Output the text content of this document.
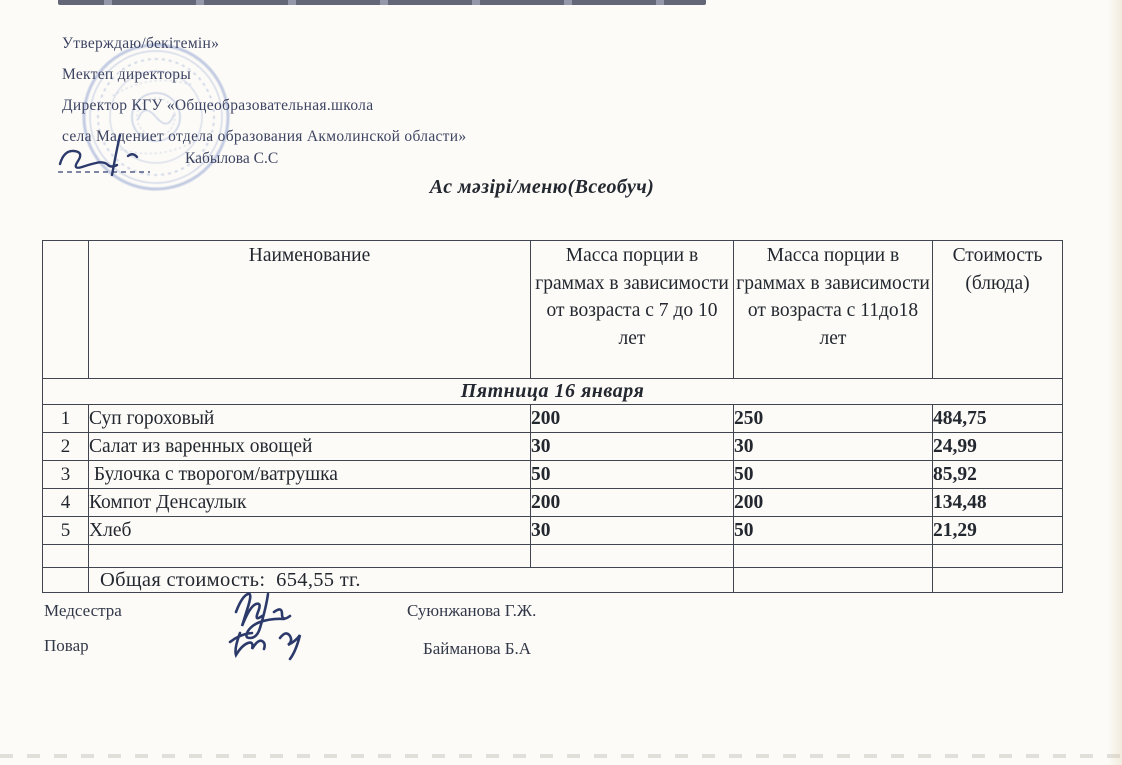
Утверждаю/бекітемін»
Мектеп директоры
Директор КГУ «Общеобразовательная.школа
села Мадениет отдела образования Акмолинской области»
Кабылова С.С
Ас мәзірі/меню(Всеобуч)
	Наименование	Масса порции в граммах в зависимости от возраста с 7 до 10 лет	Масса порции в граммах в зависимости от возраста с 11до18 лет	Стоимость (блюда)
Пятница 16 января				
1	Суп гороховый	200	250	484,75
2	Салат из варенных овощей	30	30	24,99
3	Булочка с творогом/ватрушка	50	50	85,92
4	Компот Денсаулык	200	200	134,48
5	Хлеб	30	50	21,29

	Общая стоимость:  654,55 тг.			
Медсестра	Суюнжанова Г.Ж.
Повар	Байманова Б.А
